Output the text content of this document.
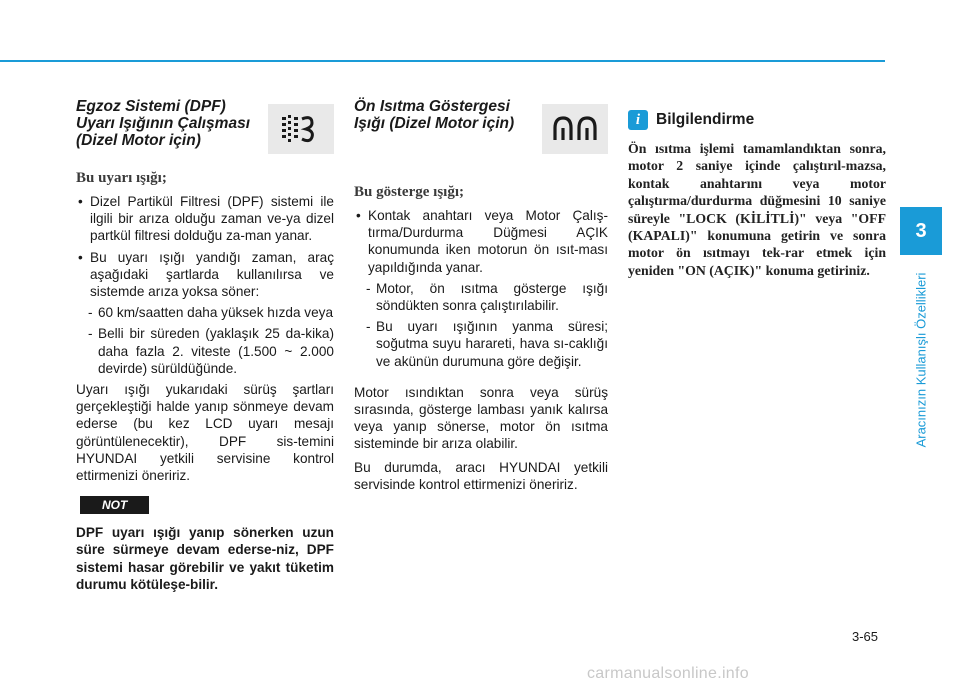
Egzoz Sistemi (DPF)

Uyarı Işığının Çalışması

(Dizel Motor için)

Bu uyarı ışığı;

• Dizel Partikül Filtresi (DPF) sistemi ile ilgili bir arıza olduğu zaman ve-ya dizel partkül filtresi dolduğu za-man yanar.
• Bu uyarı ışığı yandığı zaman, araç aşağıdaki şartlarda kullanılırsa ve sistemde arıza yoksa söner:
- 60 km/saatten daha yüksek hızda veya
- Belli bir süreden (yaklaşık 25 da-kika) daha fazla 2. viteste (1.500 ~ 2.000 devirde) sürüldüğünde.

Uyarı ışığı yukarıdaki sürüş şartları gerçekleştiği halde yanıp sönmeye devam ederse (bu kez LCD uyarı mesajı görüntülenecektir), DPF sis-temini HYUNDAI yetkili servisine kontrol ettirmenizi öneririz.

NOT

DPF uyarı ışığı yanıp sönerken uzun süre sürmeye devam ederse-niz, DPF sistemi hasar görebilir ve yakıt tüketim durumu kötüleşe-bilir.

Ön Isıtma Göstergesi

Işığı (Dizel Motor için)

Bu gösterge ışığı;

• Kontak anahtarı veya Motor Çalış-tırma/Durdurma Düğmesi AÇIK konumunda iken motorun ön ısıt-ması yapıldığında yanar.
- Motor, ön ısıtma gösterge ışığı söndükten sonra çalıştırılabilir.
- Bu uyarı ışığının yanma süresi; soğutma suyu harareti, hava sı-caklığı ve akünün durumuna göre değişir.

Motor ısındıktan sonra veya sürüş sırasında, gösterge lambası yanık kalırsa veya yanıp sönerse, motor ön ısıtma sisteminde bir arıza olabilir.

Bu durumda, aracı HYUNDAI yetkili servisinde kontrol ettirmenizi öneririz.

i	Bilgilendirme

Ön ısıtma işlemi tamamlandıktan sonra, motor 2 saniye içinde çalıştırıl-mazsa, kontak anahtarını veya motor çalıştırma/durdurma düğmesini 10 saniye süreyle "LOCK (KİLİTLİ)" veya "OFF (KAPALI)" konumuna getirin ve sonra motor ön ısıtmayı tek-rar etmek için yeniden "ON (AÇIK)" konuma getiriniz.

3
Aracınızın Kullanışlı Özellikleri
3-65
carmanualsonline.info
